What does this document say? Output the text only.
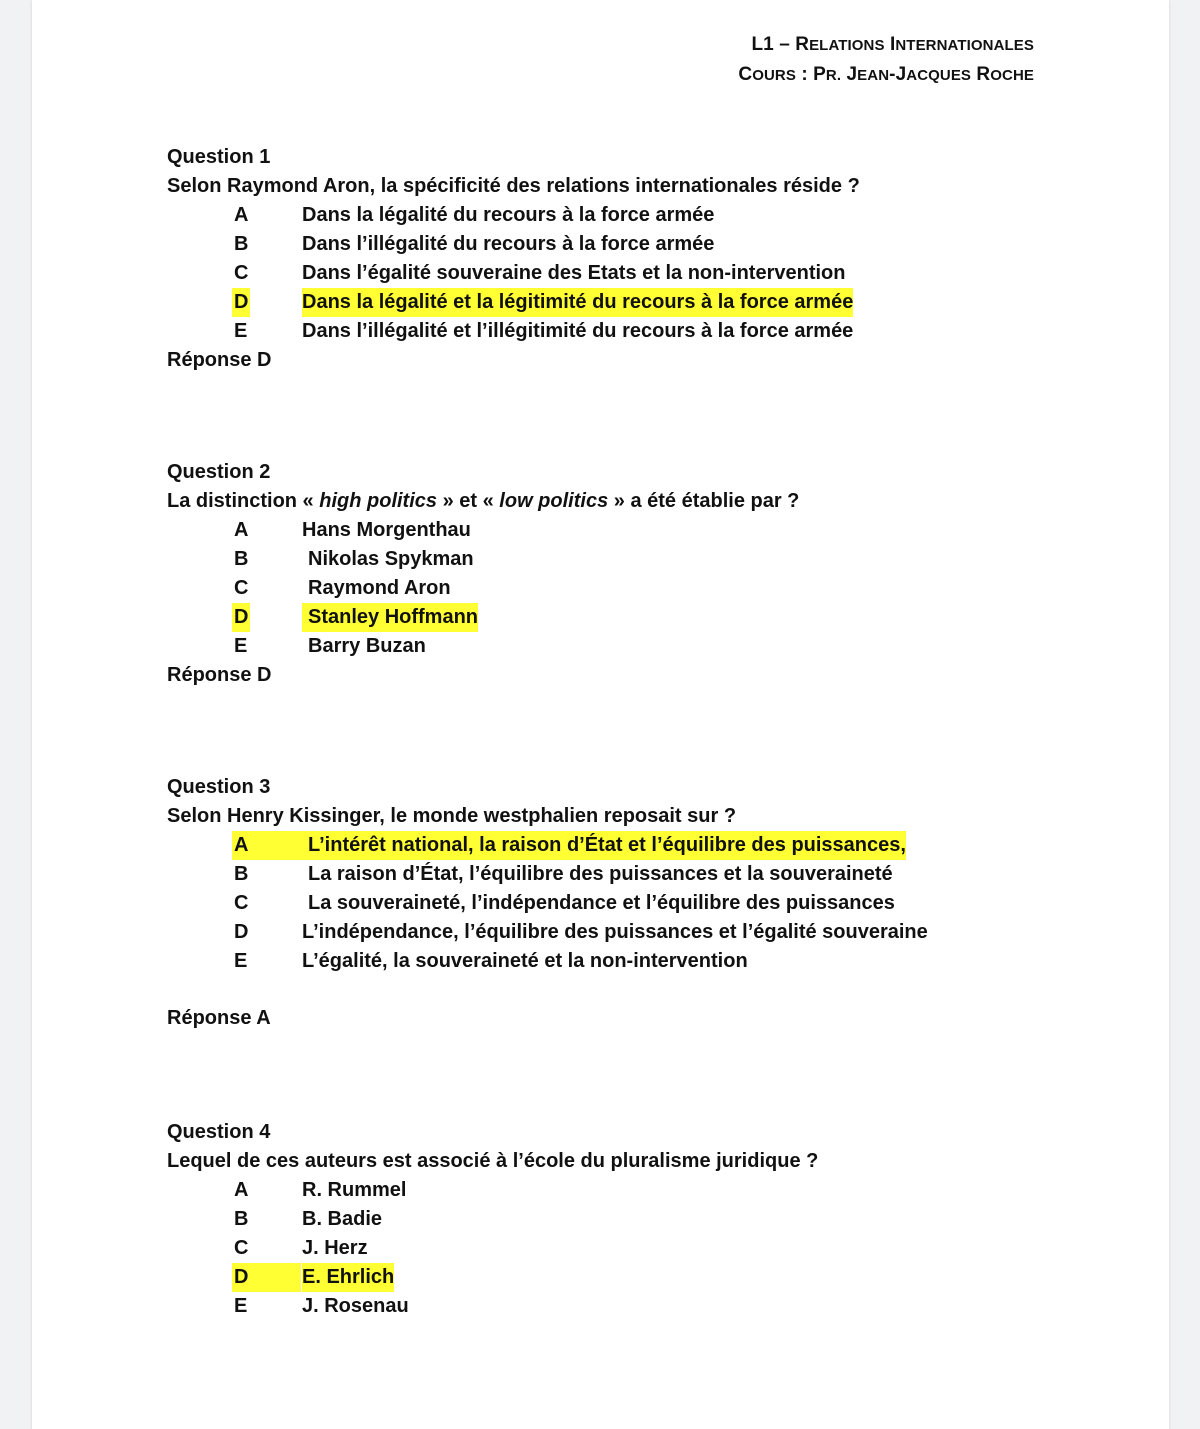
L1 – RELATIONS INTERNATIONALES
COURS : PR. JEAN-JACQUES ROCHE
Question 1
Selon Raymond Aron, la spécificité des relations internationales réside ?
A	Dans la légalité du recours à la force armée
B	Dans l’illégalité du recours à la force armée
C	Dans l’égalité souveraine des Etats et la non-intervention
D	Dans la légalité et la légitimité du recours à la force armée
E	Dans l’illégalité et l’illégitimité du recours à la force armée
Réponse D
Question 2
La distinction « high politics » et « low politics » a été établie par ?
A	Hans Morgenthau
B	Nikolas Spykman
C	Raymond Aron
D	Stanley Hoffmann
E	Barry Buzan
Réponse D
Question 3
Selon Henry Kissinger, le monde westphalien reposait sur ?
A	L’intérêt national, la raison d’État et l’équilibre des puissances,
B	La raison d’État, l’équilibre des puissances et la souveraineté
C	La souveraineté, l’indépendance et l’équilibre des puissances
D	L’indépendance, l’équilibre des puissances et l’égalité souveraine
E	L’égalité, la souveraineté et la non-intervention
Réponse A
Question 4
Lequel de ces auteurs est associé à l’école du pluralisme juridique ?
A	R. Rummel
B	B. Badie
C	J. Herz
D	E. Ehrlich
E	J. Rosenau
